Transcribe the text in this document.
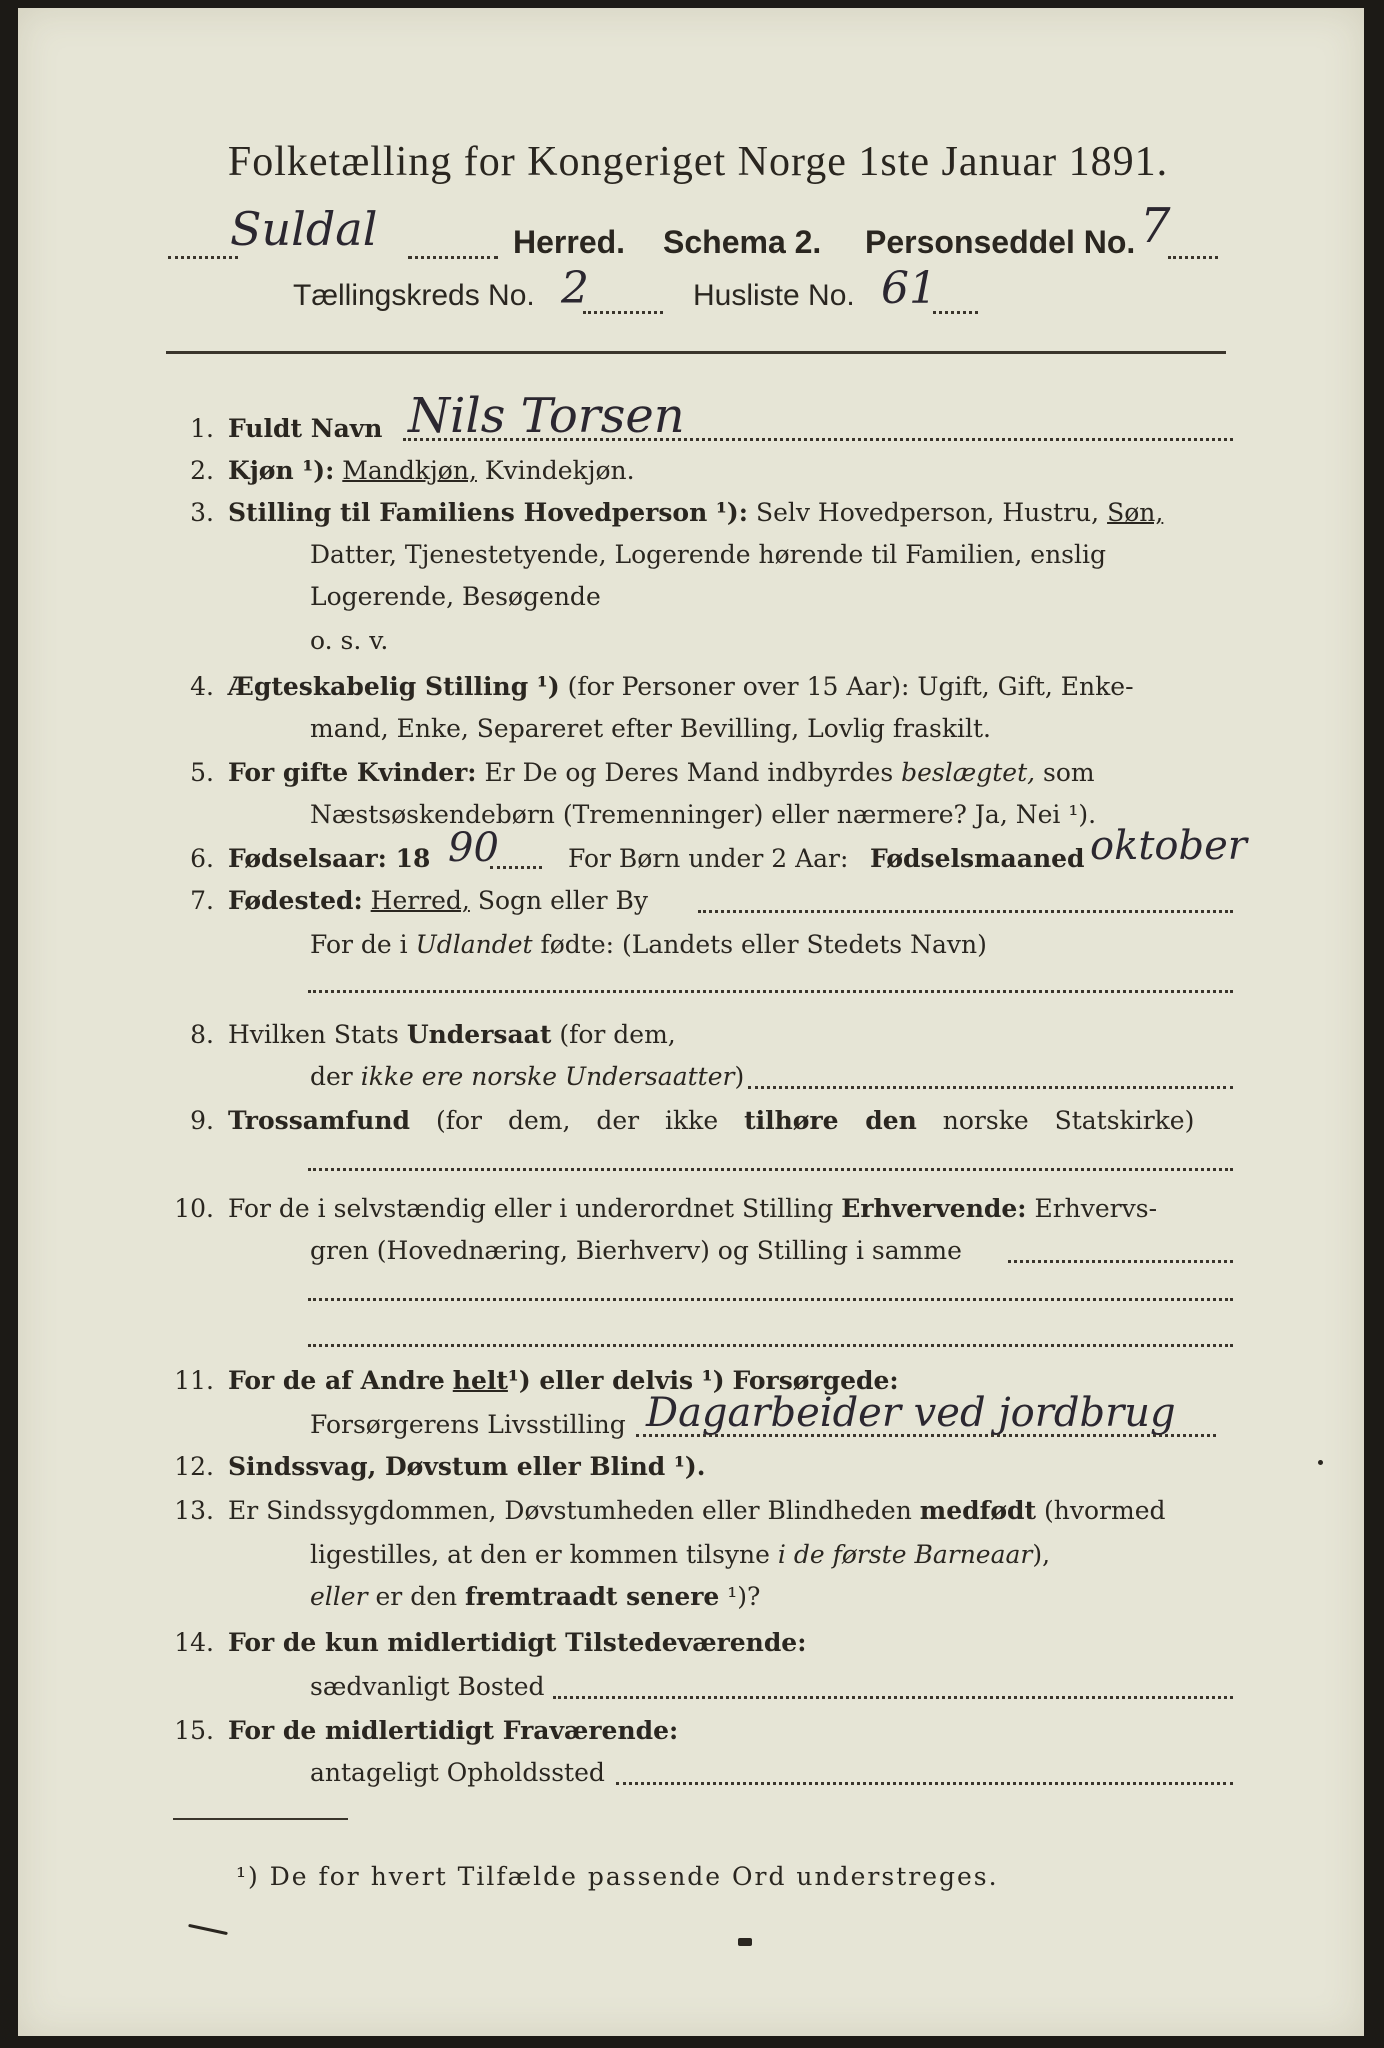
Folketælling for Kongeriget Norge 1ste Januar 1891.
Suldal	Herred. Schema 2. Personseddel No. 7
Tællingskreds No. 2	Husliste No. 61
1. Fuldt Navn Nils Torsen
2. Kjøn ¹): Mandkjøn, Kvindekjøn.
3. Stilling til Familiens Hovedperson ¹): Selv Hovedperson, Hustru, Søn,
Datter, Tjenestetyende, Logerende hørende til Familien, enslig
Logerende, Besøgende
o. s. v.
4. Ægteskabelig Stilling ¹) (for Personer over 15 Aar): Ugift, Gift, Enke-
mand, Enke, Separeret efter Bevilling, Lovlig fraskilt.
5. For gifte Kvinder: Er De og Deres Mand indbyrdes beslægtet, som
Næstsøskendebørn (Tremenninger) eller nærmere? Ja, Nei ¹).
6. Fødselsaar: 18 90	For Børn under 2 Aar: Fødselsmaaned oktober
7. Fødested: Herred, Sogn eller By
For de i Udlandet fødte: (Landets eller Stedets Navn)
8. Hvilken Stats Undersaat (for dem,
der ikke ere norske Undersaatter)
9. Trossamfund (for dem, der ikke tilhøre den norske Statskirke)
10. For de i selvstændig eller i underordnet Stilling Erhvervende: Erhvervs-
gren (Hovednæring, Bierhverv) og Stilling i samme
11. For de af Andre helt¹) eller delvis ¹) Forsørgede:
Forsørgerens Livsstilling Dagarbeider ved jordbrug
12. Sindssvag, Døvstum eller Blind ¹).
13. Er Sindssygdommen, Døvstumheden eller Blindheden medfødt (hvormed
ligestilles, at den er kommen tilsyne i de første Barneaar),
eller er den fremtraadt senere ¹)?
14. For de kun midlertidigt Tilstedeværende:
sædvanligt Bosted
15. For de midlertidigt Fraværende:
antageligt Opholdssted
¹) De for hvert Tilfælde passende Ord understreges.
